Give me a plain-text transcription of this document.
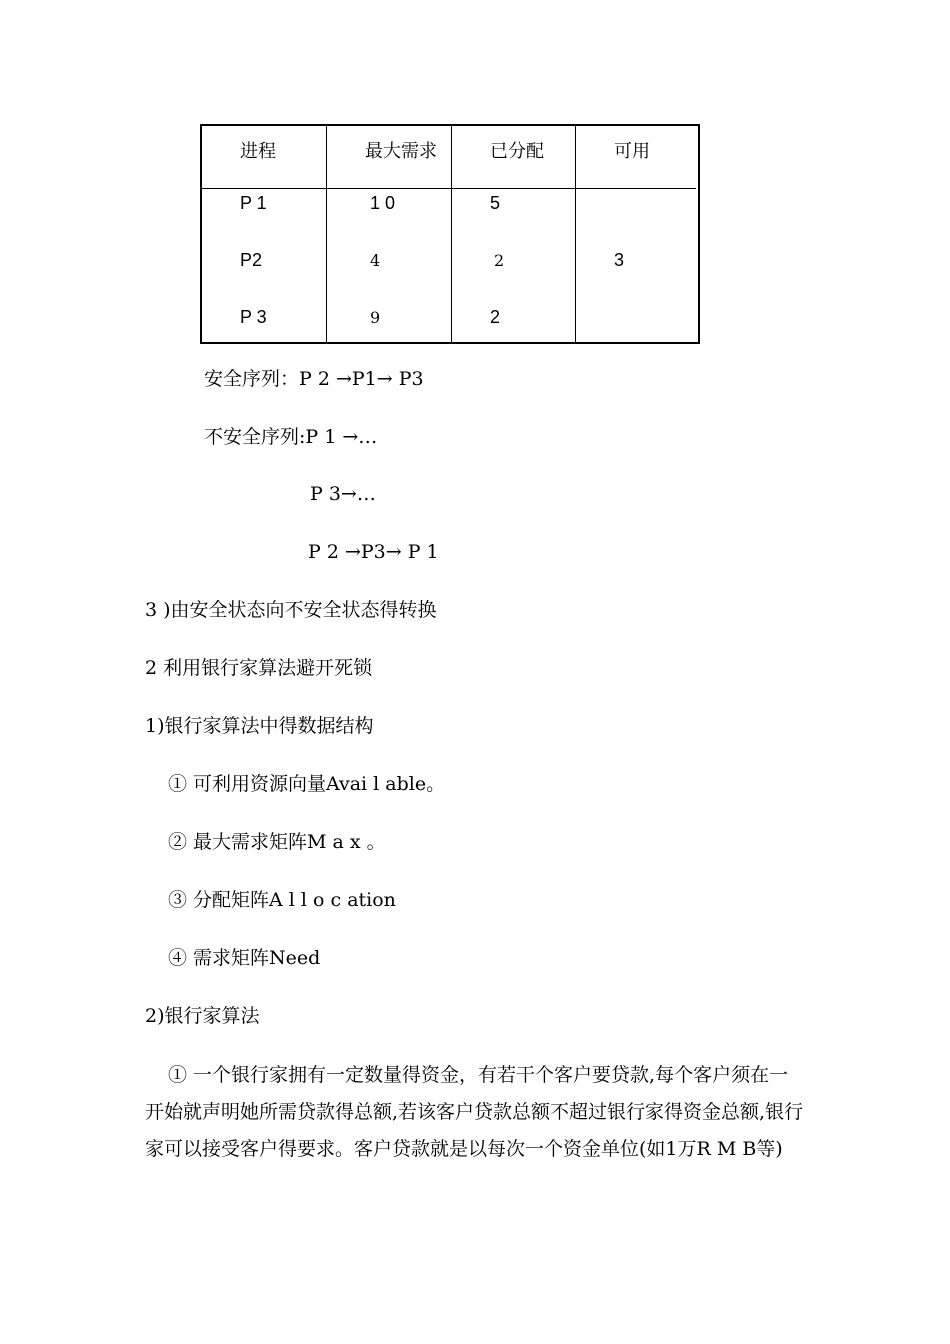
进程	最大需求	已分配	可用
P 1	1 0	5
P2	4	2	3
P 3	9	2
安全序列：P 2 →P1→ P3
不安全序列:P 1 →…
P 3→…
P 2 →P3→ P 1
3 )由安全状态向不安全状态得转换
2 利用银行家算法避开死锁
1)银行家算法中得数据结构
① 可利用资源向量Avai l able。
② 最大需求矩阵M a x 。
③ 分配矩阵A l l o c ation
④ 需求矩阵Need
2)银行家算法
① 一个银行家拥有一定数量得资金，有若干个客户要贷款,每个客户须在一开始就声明她所需贷款得总额,若该客户贷款总额不超过银行家得资金总额,银行家可以接受客户得要求。客户贷款就是以每次一个资金单位(如1万R M B等)
